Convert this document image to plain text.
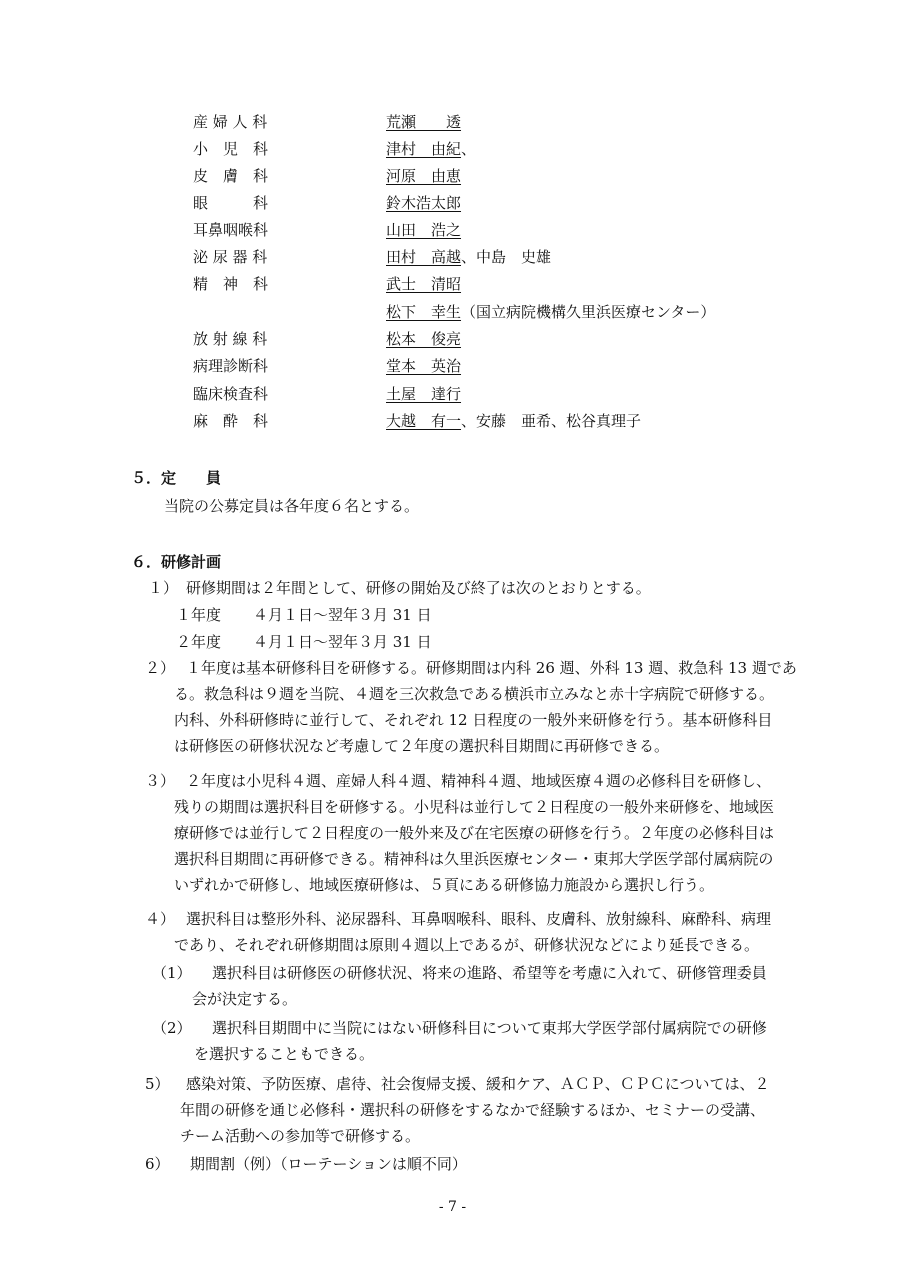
産 婦 人 科	荒瀬　　透
小　児　科	津村　由紀、
皮　膚　科	河原　由恵
眼　　　科	鈴木浩太郎
耳鼻咽喉科	山田　浩之
泌 尿 器 科	田村　高越、中島　史雄
精　神　科	武士　清昭
松下　幸生（国立病院機構久里浜医療センター）
放 射 線 科	松本　俊亮
病理診断科	堂本　英治
臨床検査科	土屋　達行
麻　酔　科	大越　有一、安藤　亜希、松谷真理子
５．定　　員
当院の公募定員は各年度６名とする。
６．研修計画
１） 研修期間は２年間として、研修の開始及び終了は次のとおりとする。
１年度 ４月１日～翌年３月 31 日
２年度 ４月１日～翌年３月 31 日
２） １年度は基本研修科目を研修する。研修期間は内科 26 週、外科 13 週、救急科 13 週であ
る。救急科は９週を当院、４週を三次救急である横浜市立みなと赤十字病院で研修する。
内科、外科研修時に並行して、それぞれ 12 日程度の一般外来研修を行う。基本研修科目
は研修医の研修状況など考慮して２年度の選択科目期間に再研修できる。
３） ２年度は小児科４週、産婦人科４週、精神科４週、地域医療４週の必修科目を研修し、
残りの期間は選択科目を研修する。小児科は並行して２日程度の一般外来研修を、地域医
療研修では並行して２日程度の一般外来及び在宅医療の研修を行う。２年度の必修科目は
選択科目期間に再研修できる。精神科は久里浜医療センター・東邦大学医学部付属病院の
いずれかで研修し、地域医療研修は、５頁にある研修協力施設から選択し行う。
４） 選択科目は整形外科、泌尿器科、耳鼻咽喉科、眼科、皮膚科、放射線科、麻酔科、病理
であり、それぞれ研修期間は原則４週以上であるが、研修状況などにより延長できる。
（1） 選択科目は研修医の研修状況、将来の進路、希望等を考慮に入れて、研修管理委員
会が決定する。
（2） 選択科目期間中に当院にはない研修科目について東邦大学医学部付属病院での研修
を選択することもできる。
5） 感染対策、予防医療、虐待、社会復帰支援、緩和ケア、ＡＣＰ、ＣＰＣについては、２
年間の研修を通じ必修科・選択科の研修をするなかで経験するほか、セミナーの受講、
チーム活動への参加等で研修する。
6） 期間割（例）（ローテーションは順不同）
- 7 -
